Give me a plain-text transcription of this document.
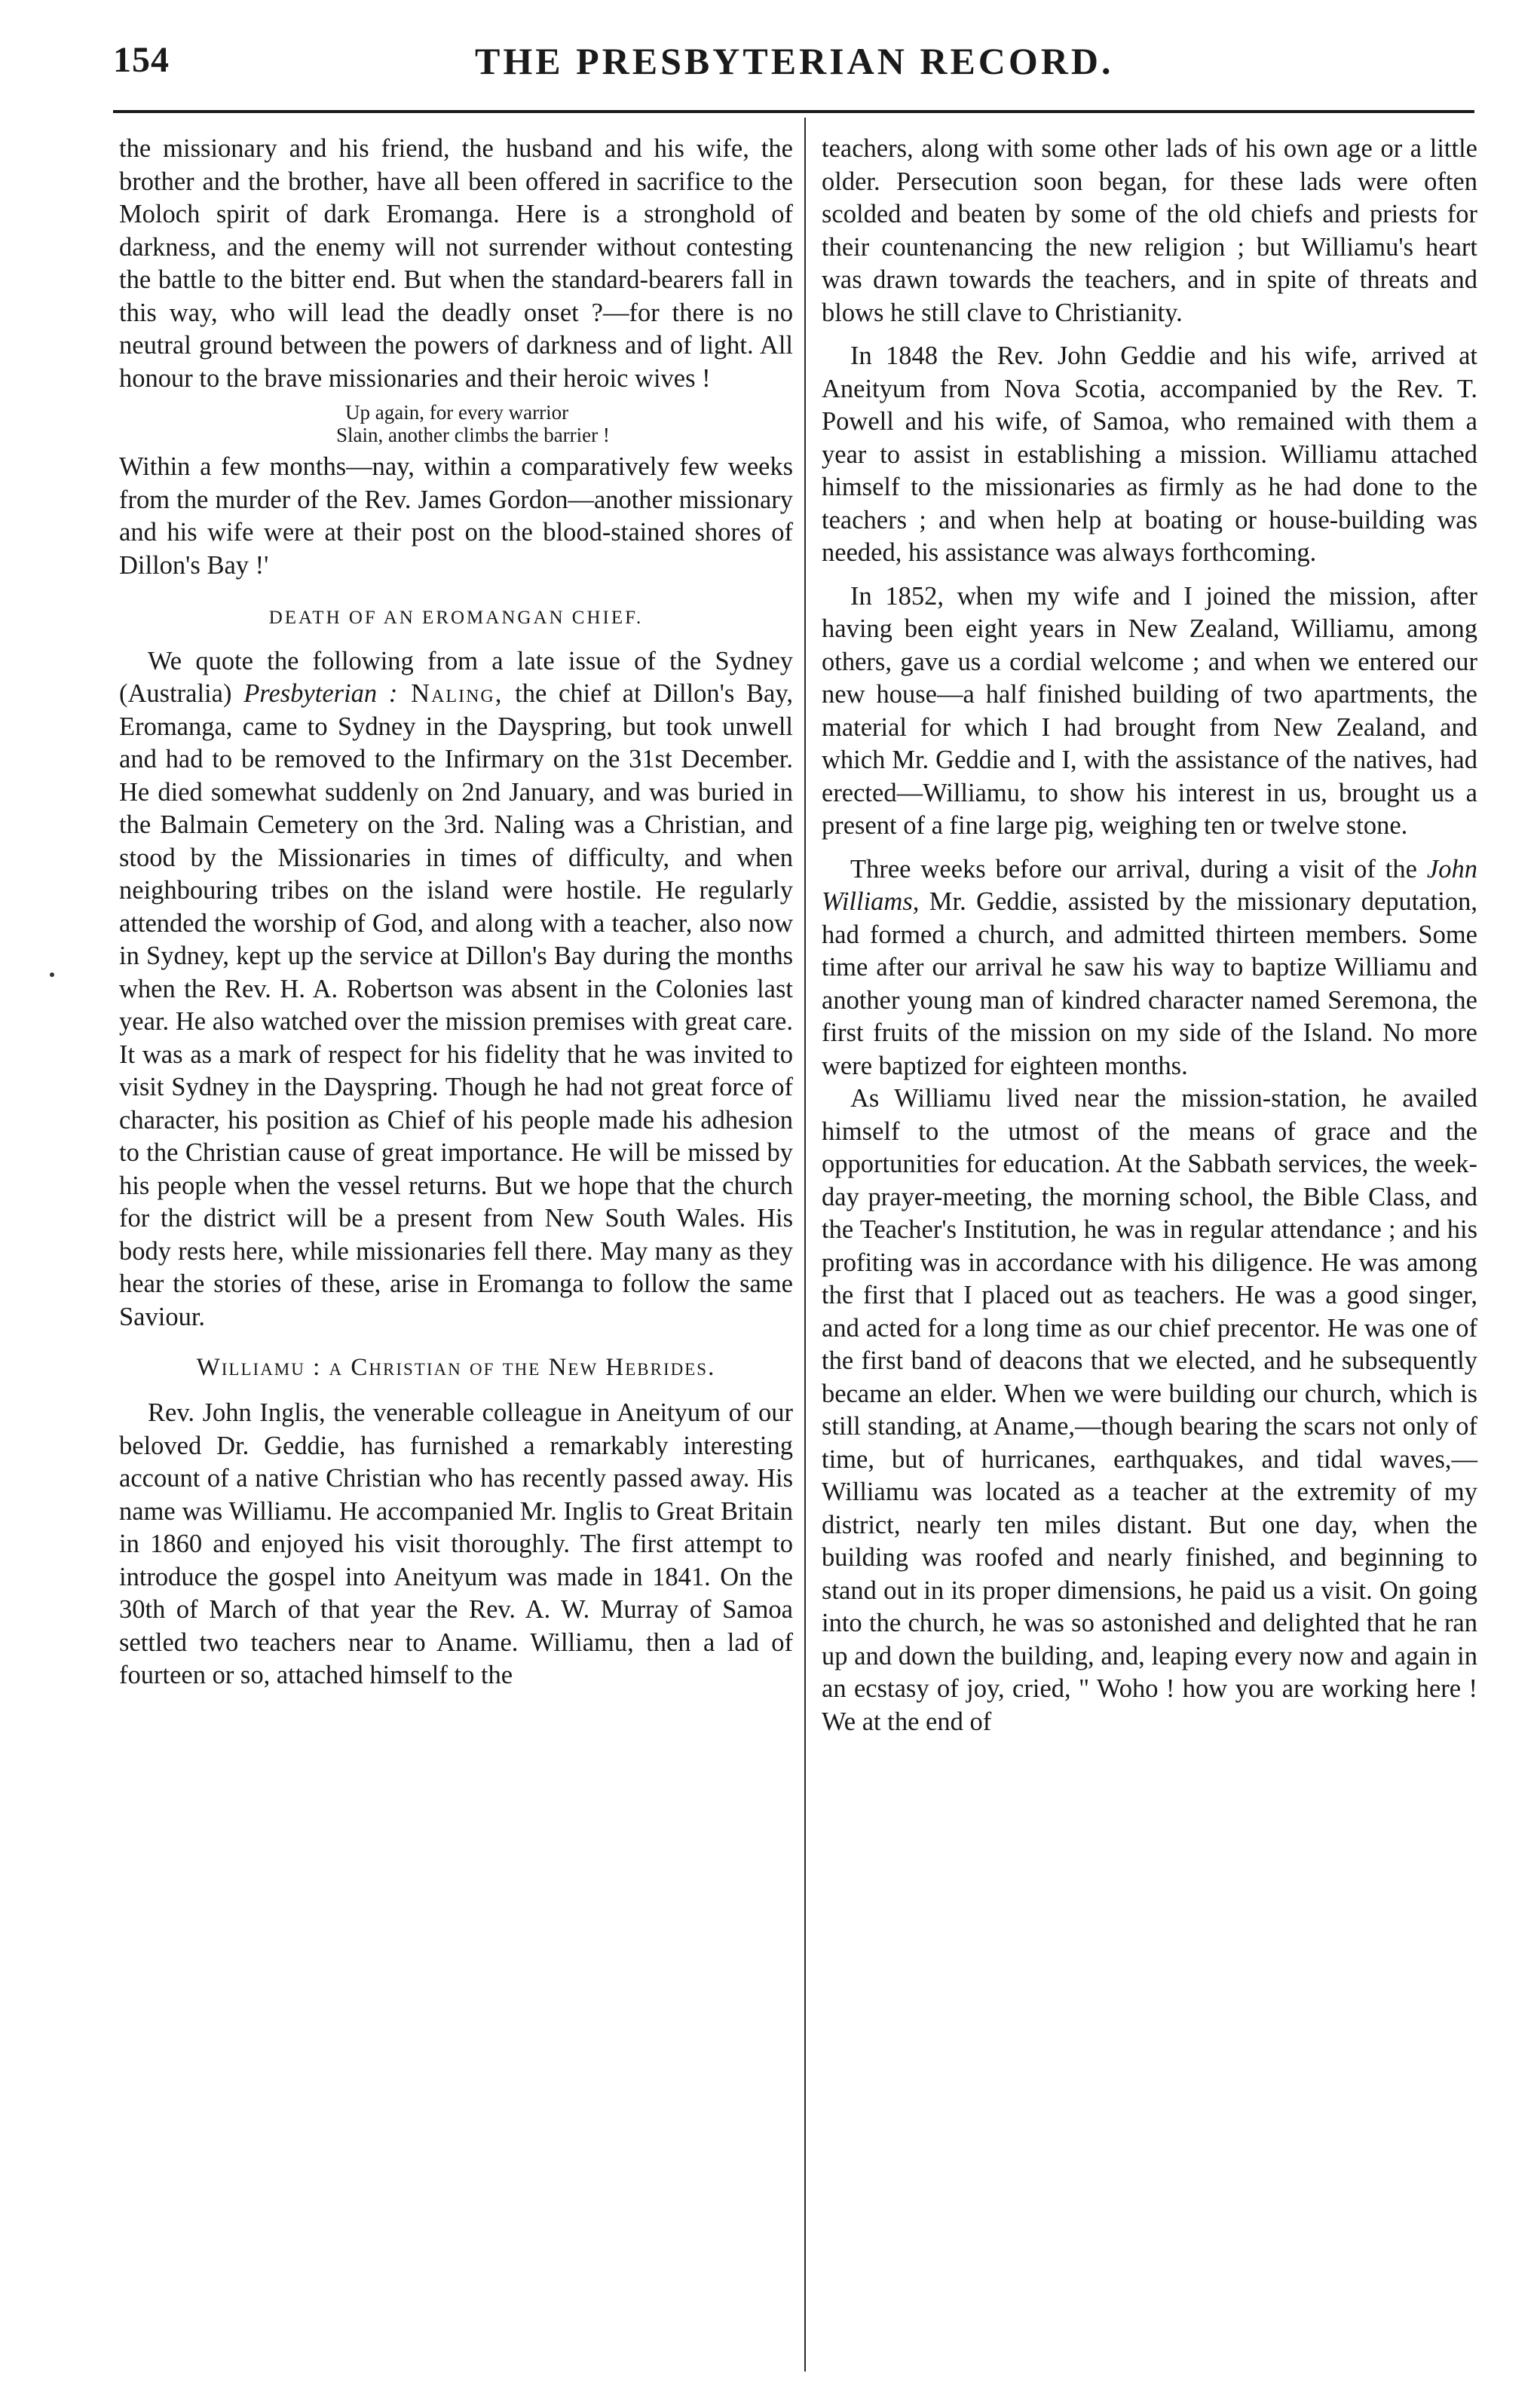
154	THE PRESBYTERIAN RECORD.

the missionary and his friend, the husband and his wife, the brother and the brother, have all been offered in sacrifice to the Moloch spirit of dark Eromanga. Here is a stronghold of darkness, and the enemy will not surrender without contesting the battle to the bitter end. But when the standard-bearers fall in this way, who will lead the deadly onset ?—for there is no neutral ground between the powers of darkness and of light. All honour to the brave missionaries and their heroic wives !

Up again, for every warrior
Slain, another climbs the barrier !

Within a few months—nay, within a comparatively few weeks from the murder of the Rev. James Gordon—another missionary and his wife were at their post on the blood-stained shores of Dillon's Bay !'

DEATH OF AN EROMANGAN CHIEF.

We quote the following from a late issue of the Sydney (Australia) Presbyterian : Naling, the chief at Dillon's Bay, Eromanga, came to Sydney in the Dayspring, but took unwell and had to be removed to the Infirmary on the 31st December. He died somewhat suddenly on 2nd January, and was buried in the Balmain Cemetery on the 3rd. Naling was a Christian, and stood by the Missionaries in times of difficulty, and when neighbouring tribes on the island were hostile. He regularly attended the worship of God, and along with a teacher, also now in Sydney, kept up the service at Dillon's Bay during the months when the Rev. H. A. Robertson was absent in the Colonies last year. He also watched over the mission premises with great care. It was as a mark of respect for his fidelity that he was invited to visit Sydney in the Dayspring. Though he had not great force of character, his position as Chief of his people made his adhesion to the Christian cause of great importance. He will be missed by his people when the vessel returns. But we hope that the church for the district will be a present from New South Wales. His body rests here, while missionaries fell there. May many as they hear the stories of these, arise in Eromanga to follow the same Saviour.

Williamu : a Christian of the New Hebrides.

Rev. John Inglis, the venerable colleague in Aneityum of our beloved Dr. Geddie, has furnished a remarkably interesting account of a native Christian who has recently passed away. His name was Williamu. He accompanied Mr. Inglis to Great Britain in 1860 and enjoyed his visit thoroughly. The first attempt to introduce the gospel into Aneityum was made in 1841. On the 30th of March of that year the Rev. A. W. Murray of Samoa settled two teachers near to Aname. Williamu, then a lad of fourteen or so, attached himself to the

teachers, along with some other lads of his own age or a little older. Persecution soon began, for these lads were often scolded and beaten by some of the old chiefs and priests for their countenancing the new religion ; but Williamu's heart was drawn towards the teachers, and in spite of threats and blows he still clave to Christianity.

In 1848 the Rev. John Geddie and his wife, arrived at Aneityum from Nova Scotia, accompanied by the Rev. T. Powell and his wife, of Samoa, who remained with them a year to assist in establishing a mission. Williamu attached himself to the missionaries as firmly as he had done to the teachers ; and when help at boating or house-building was needed, his assistance was always forthcoming.

In 1852, when my wife and I joined the mission, after having been eight years in New Zealand, Williamu, among others, gave us a cordial welcome ; and when we entered our new house—a half finished building of two apartments, the material for which I had brought from New Zealand, and which Mr. Geddie and I, with the assistance of the natives, had erected—Williamu, to show his interest in us, brought us a present of a fine large pig, weighing ten or twelve stone.

Three weeks before our arrival, during a visit of the John Williams, Mr. Geddie, assisted by the missionary deputation, had formed a church, and admitted thirteen members. Some time after our arrival he saw his way to baptize Williamu and another young man of kindred character named Seremona, the first fruits of the mission on my side of the Island. No more were baptized for eighteen months.

As Williamu lived near the mission-station, he availed himself to the utmost of the means of grace and the opportunities for education. At the Sabbath services, the week-day prayer-meeting, the morning school, the Bible Class, and the Teacher's Institution, he was in regular attendance ; and his profiting was in accordance with his diligence. He was among the first that I placed out as teachers. He was a good singer, and acted for a long time as our chief precentor. He was one of the first band of deacons that we elected, and he subsequently became an elder. When we were building our church, which is still standing, at Aname,—though bearing the scars not only of time, but of hurricanes, earthquakes, and tidal waves,—Williamu was located as a teacher at the extremity of my district, nearly ten miles distant. But one day, when the building was roofed and nearly finished, and beginning to stand out in its proper dimensions, he paid us a visit. On going into the church, he was so astonished and delighted that he ran up and down the building, and, leaping every now and again in an ecstasy of joy, cried, " Woho ! how you are working here ! We at the end of
